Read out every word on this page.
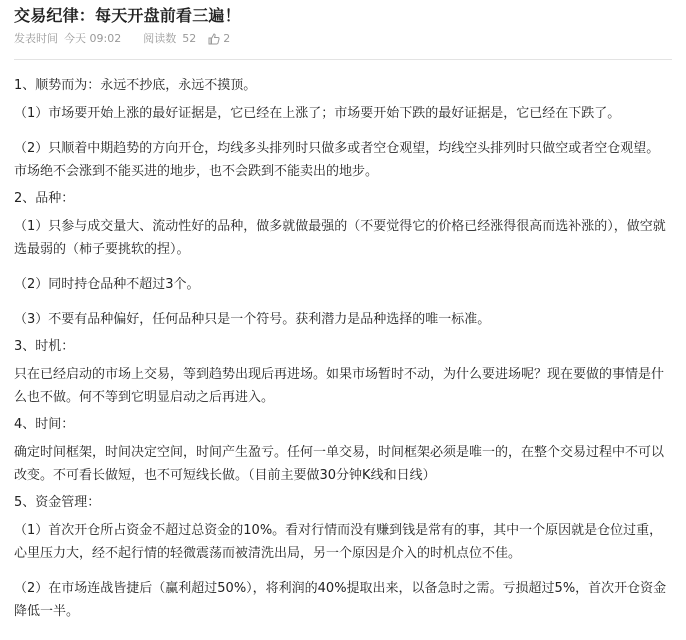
交易纪律：每天开盘前看三遍！
发表时间 今天 09:02 阅读数 52 2

1、顺势而为：永远不抄底，永远不摸顶。

（1）市场要开始上涨的最好证据是，它已经在上涨了；市场要开始下跌的最好证据是，它已经在下跌了。

（2）只顺着中期趋势的方向开仓，均线多头排列时只做多或者空仓观望，均线空头排列时只做空或者空仓观望。市场绝不会涨到不能买进的地步，也不会跌到不能卖出的地步。

2、品种：

（1）只参与成交量大、流动性好的品种，做多就做最强的（不要觉得它的价格已经涨得很高而选补涨的），做空就选最弱的（柿子要挑软的捏）。

（2）同时持仓品种不超过3个。

（3）不要有品种偏好，任何品种只是一个符号。获利潜力是品种选择的唯一标准。

3、时机：

只在已经启动的市场上交易，等到趋势出现后再进场。如果市场暂时不动，为什么要进场呢？现在要做的事情是什么也不做。何不等到它明显启动之后再进入。

4、时间：

确定时间框架，时间决定空间，时间产生盈亏。任何一单交易，时间框架必须是唯一的，在整个交易过程中不可以改变。不可看长做短，也不可短线长做。（目前主要做30分钟K线和日线）

5、资金管理：

（1）首次开仓所占资金不超过总资金的10%。看对行情而没有赚到钱是常有的事，其中一个原因就是仓位过重，心里压力大，经不起行情的轻微震荡而被清洗出局，另一个原因是介入的时机点位不佳。

（2）在市场连战皆捷后（赢利超过50%），将利润的40%提取出来，以备急时之需。亏损超过5%，首次开仓资金降低一半。
